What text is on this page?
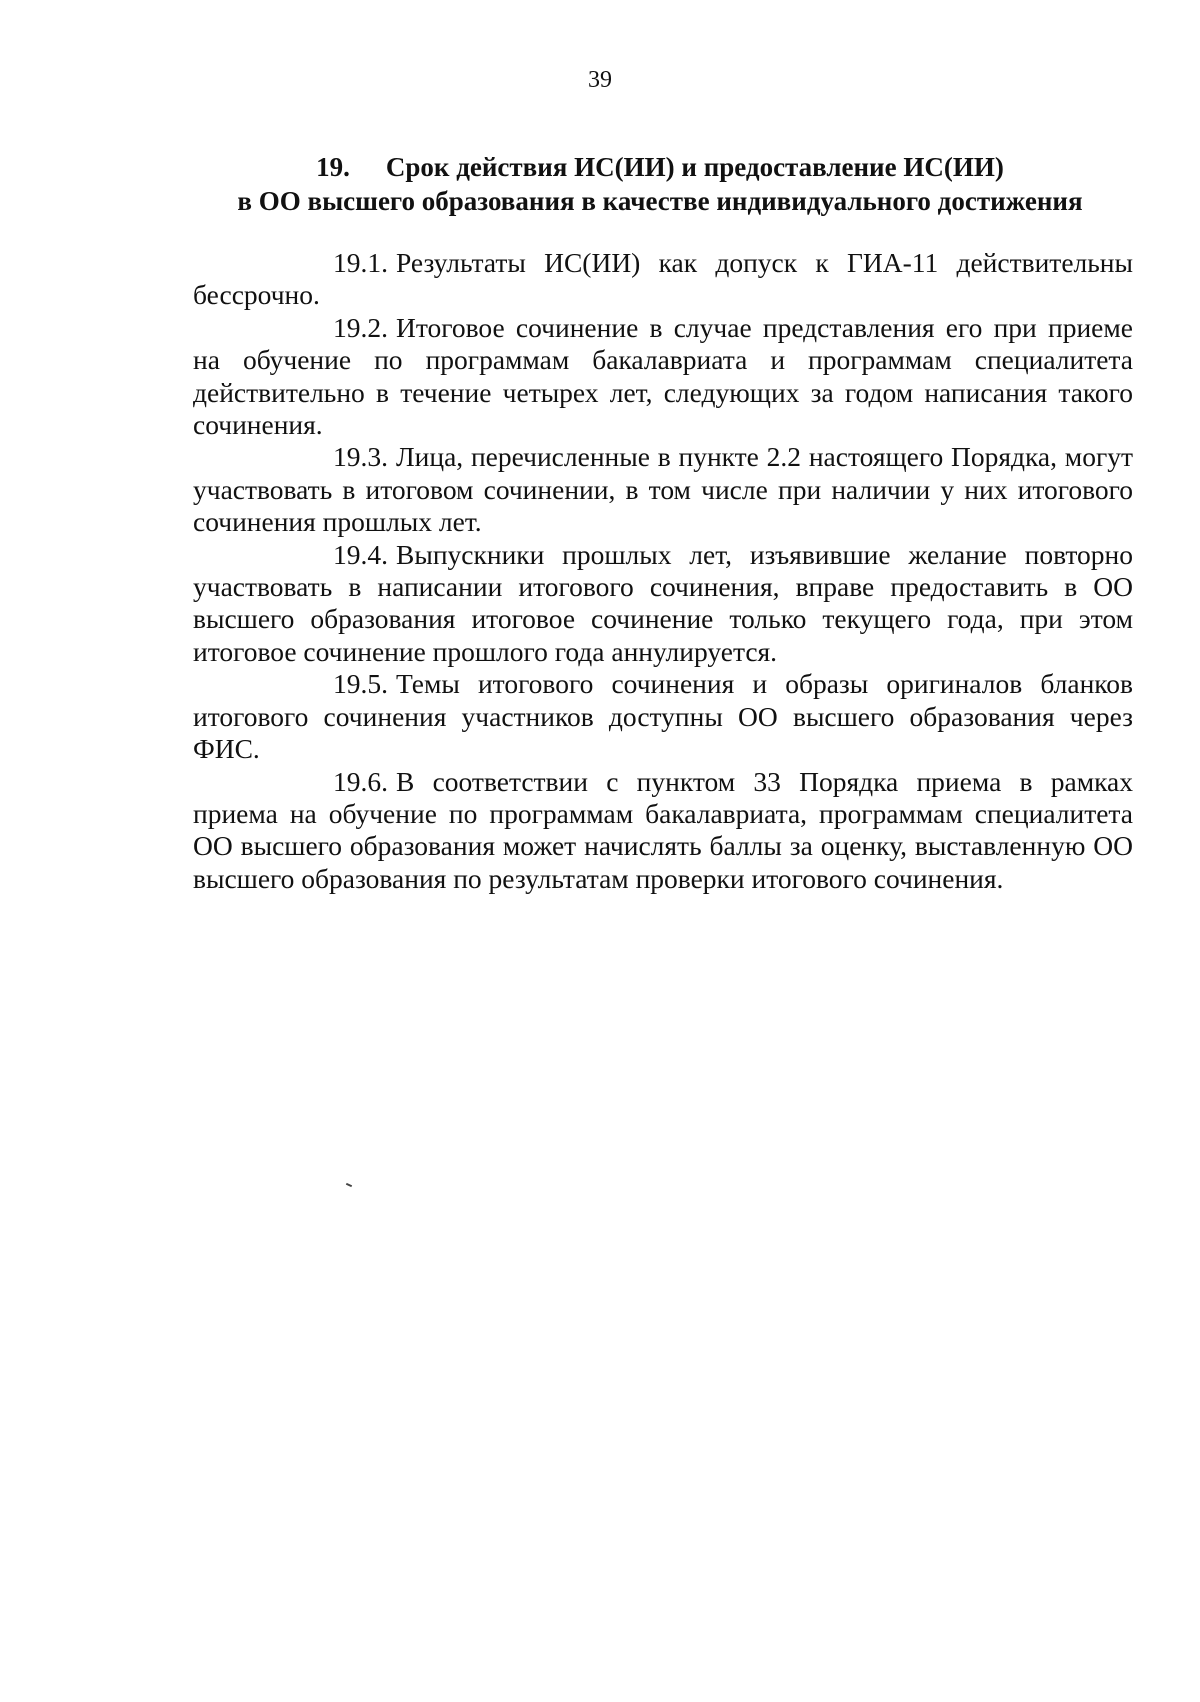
39
19. Срок действия ИС(ИИ) и предоставление ИС(ИИ)
в ОО высшего образования в качестве индивидуального достижения

19.1. Результаты ИС(ИИ) как допуск к ГИА-11 действительны бессрочно.

19.2. Итоговое сочинение в случае представления его при приеме на обучение по программам бакалавриата и программам специалитета действительно в течение четырех лет, следующих за годом написания такого сочинения.

19.3. Лица, перечисленные в пункте 2.2 настоящего Порядка, могут участвовать в итоговом сочинении, в том числе при наличии у них итогового сочинения прошлых лет.

19.4. Выпускники прошлых лет, изъявившие желание повторно участвовать в написании итогового сочинения, вправе предоставить в ОО высшего образования итоговое сочинение только текущего года, при этом итоговое сочинение прошлого года аннулируется.

19.5. Темы итогового сочинения и образы оригиналов бланков итогового сочинения участников доступны ОО высшего образования через ФИС.

19.6. В соответствии с пунктом 33 Порядка приема в рамках приема на обучение по программам бакалавриата, программам специалитета ОО высшего образования может начислять баллы за оценку, выставленную ОО высшего образования по результатам проверки итогового сочинения.
